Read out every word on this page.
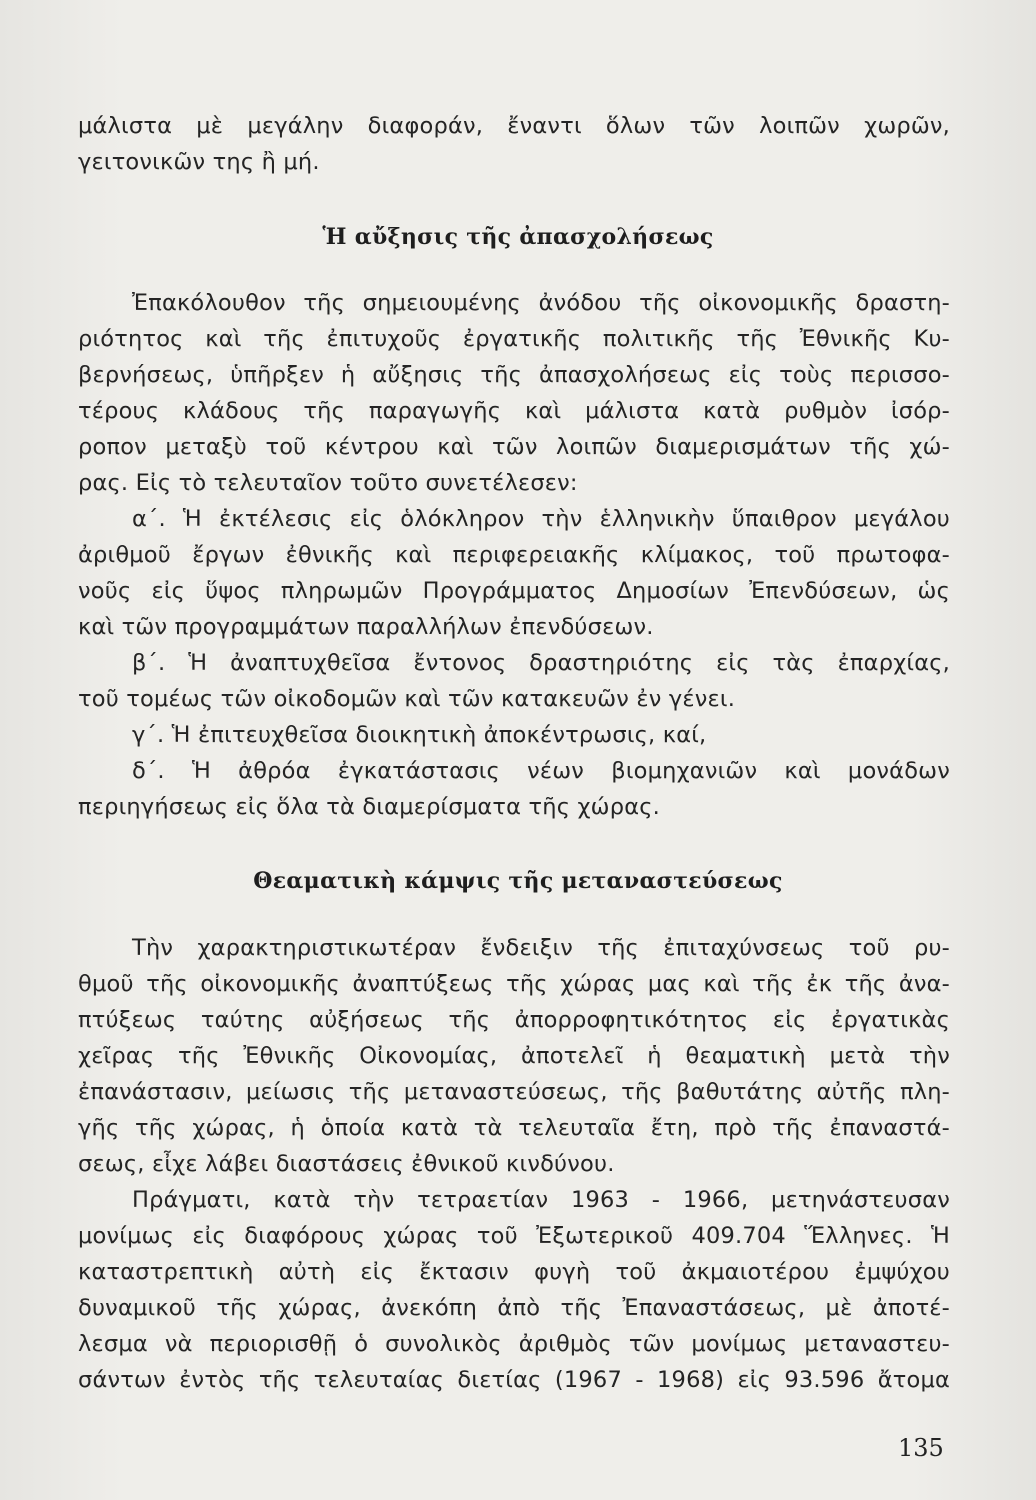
μάλιστα μὲ μεγάλην διαφοράν, ἔναντι ὅλων τῶν λοιπῶν χωρῶν,
γειτονικῶν της ἢ μή.
Ἡ αὔξησις τῆς ἀπασχολήσεως
Ἐπακόλουθον τῆς σημειουμένης ἀνόδου τῆς οἰκονομικῆς δραστη-
ριότητος καὶ τῆς ἐπιτυχοῦς ἐργατικῆς πολιτικῆς τῆς Ἐθνικῆς Κυ-
βερνήσεως, ὑπῆρξεν ἡ αὔξησις τῆς ἀπασχολήσεως εἰς τοὺς περισσο-
τέρους κλάδους τῆς παραγωγῆς καὶ μάλιστα κατὰ ρυθμὸν ἰσόρ-
ροπον μεταξὺ τοῦ κέντρου καὶ τῶν λοιπῶν διαμερισμάτων τῆς χώ-
ρας. Εἰς τὸ τελευταῖον τοῦτο συνετέλεσεν:
α΄. Ἡ ἐκτέλεσις εἰς ὁλόκληρον τὴν ἑλληνικὴν ὕπαιθρον μεγάλου
ἀριθμοῦ ἔργων ἐθνικῆς καὶ περιφερειακῆς κλίμακος, τοῦ πρωτοφα-
νοῦς εἰς ὕψος πληρωμῶν Προγράμματος Δημοσίων Ἐπενδύσεων, ὡς
καὶ τῶν προγραμμάτων παραλλήλων ἐπενδύσεων.
β΄. Ἡ ἀναπτυχθεῖσα ἔντονος δραστηριότης εἰς τὰς ἐπαρχίας,
τοῦ τομέως τῶν οἰκοδομῶν καὶ τῶν κατακευῶν ἐν γένει.
γ΄. Ἡ ἐπιτευχθεῖσα διοικητικὴ ἀποκέντρωσις, καί,
δ΄. Ἡ ἀθρόα ἐγκατάστασις νέων βιομηχανιῶν καὶ μονάδων
περιηγήσεως εἰς ὅλα τὰ διαμερίσματα τῆς χώρας.
Θεαματικὴ κάμψις τῆς μεταναστεύσεως
Τὴν χαρακτηριστικωτέραν ἔνδειξιν τῆς ἐπιταχύνσεως τοῦ ρυ-
θμοῦ τῆς οἰκονομικῆς ἀναπτύξεως τῆς χώρας μας καὶ τῆς ἐκ τῆς ἀνα-
πτύξεως ταύτης αὐξήσεως τῆς ἀπορροφητικότητος εἰς ἐργατικὰς
χεῖρας τῆς Ἐθνικῆς Οἰκονομίας, ἀποτελεῖ ἡ θεαματικὴ μετὰ τὴν
ἐπανάστασιν, μείωσις τῆς μεταναστεύσεως, τῆς βαθυτάτης αὐτῆς πλη-
γῆς τῆς χώρας, ἡ ὁποία κατὰ τὰ τελευταῖα ἔτη, πρὸ τῆς ἐπαναστά-
σεως, εἶχε λάβει διαστάσεις ἐθνικοῦ κινδύνου.
Πράγματι, κατὰ τὴν τετραετίαν 1963 - 1966, μετηνάστευσαν
μονίμως εἰς διαφόρους χώρας τοῦ Ἐξωτερικοῦ 409.704 Ἕλληνες. Ἡ
καταστρεπτικὴ αὐτὴ εἰς ἔκτασιν φυγὴ τοῦ ἀκμαιοτέρου ἐμψύχου
δυναμικοῦ τῆς χώρας, ἀνεκόπη ἀπὸ τῆς Ἐπαναστάσεως, μὲ ἀποτέ-
λεσμα νὰ περιορισθῇ ὁ συνολικὸς ἀριθμὸς τῶν μονίμως μεταναστευ-
σάντων ἐντὸς τῆς τελευταίας διετίας (1967 - 1968) εἰς 93.596 ἄτομα
135
